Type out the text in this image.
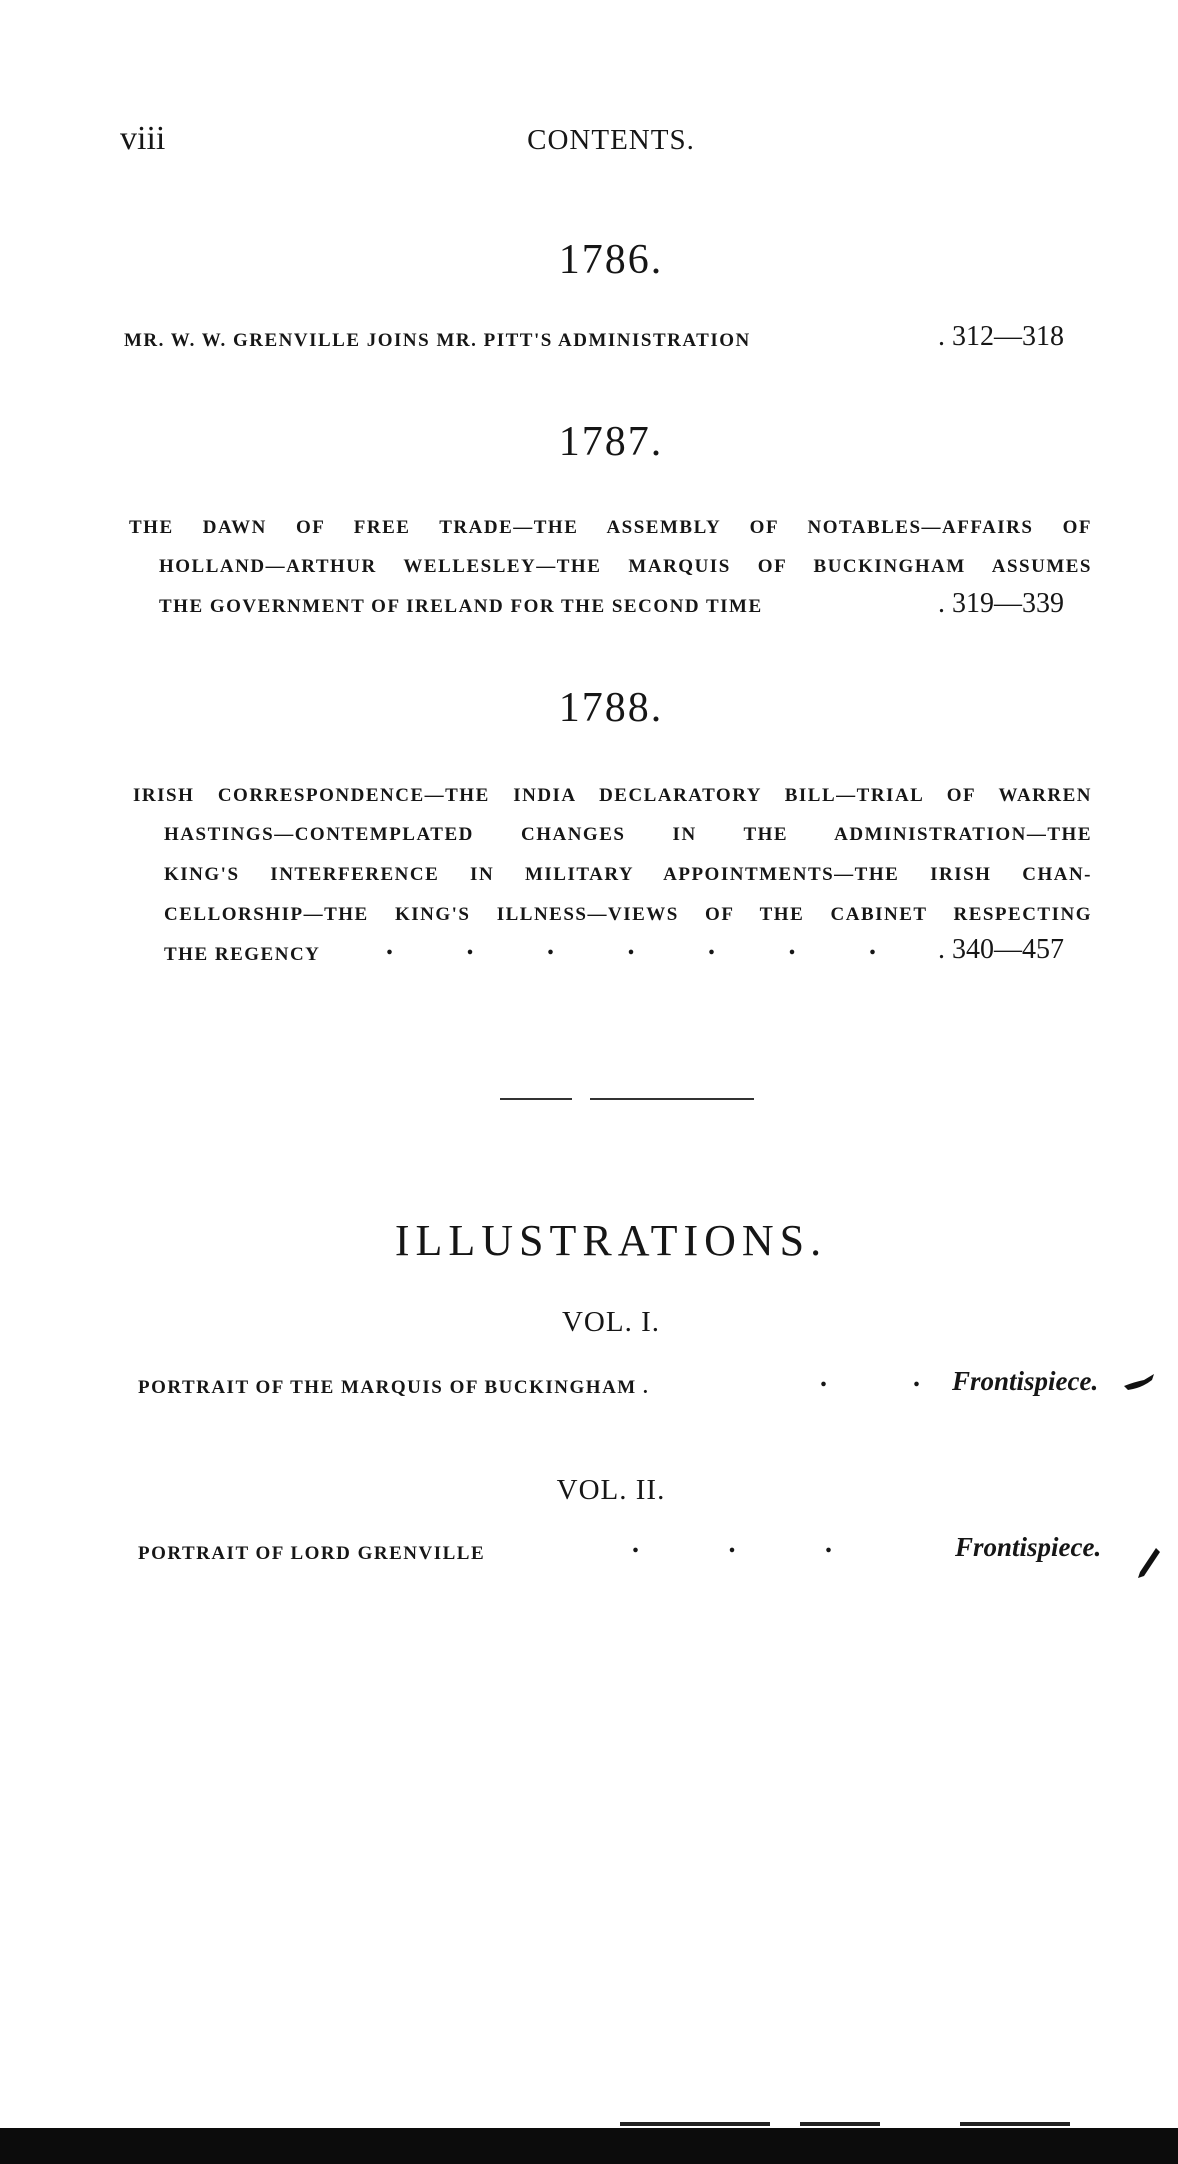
viii	CONTENTS.
1786.
MR. W. W. GRENVILLE JOINS MR. PITT'S ADMINISTRATION	. 312—318
1787.
THE DAWN OF FREE TRADE—THE ASSEMBLY OF NOTABLES—AFFAIRS OF
HOLLAND—ARTHUR WELLESLEY—THE MARQUIS OF BUCKINGHAM ASSUMES
THE GOVERNMENT OF IRELAND FOR THE SECOND TIME	. 319—339
1788.
IRISH CORRESPONDENCE—THE INDIA DECLARATORY BILL—TRIAL OF WARREN
HASTINGS—CONTEMPLATED CHANGES IN THE ADMINISTRATION—THE
KING'S INTERFERENCE IN MILITARY APPOINTMENTS—THE IRISH CHAN-
CELLORSHIP—THE KING'S ILLNESS—VIEWS OF THE CABINET RESPECTING
THE REGENCY .	.	.	.	.	.	. . 340—457
ILLUSTRATIONS.
VOL. I.
PORTRAIT OF THE MARQUIS OF BUCKINGHAM .	.	. Frontispiece.
VOL. II.
PORTRAIT OF LORD GRENVILLE	.	.	.	Frontispiece.
